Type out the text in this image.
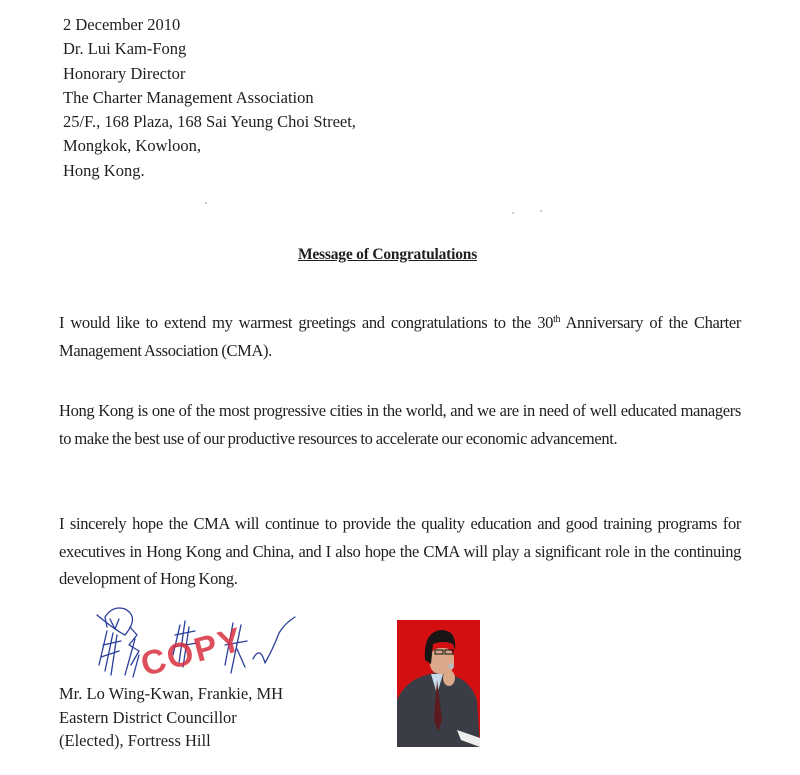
2 December 2010
Dr. Lui Kam-Fong
Honorary Director
The Charter Management Association
25/F., 168 Plaza, 168 Sai Yeung Choi Street,
Mongkok, Kowloon,
Hong Kong.
Message of Congratulations
I would like to extend my warmest greetings and congratulations to the 30th Anniversary of the Charter Management Association (CMA).
Hong Kong is one of the most progressive cities in the world, and we are in need of well educated managers to make the best use of our productive resources to accelerate our economic advancement.
I sincerely hope the CMA will continue to provide the quality education and good training programs for executives in Hong Kong and China, and I also hope the CMA will play a significant role in the continuing development of Hong Kong.
COPY
Mr. Lo Wing-Kwan, Frankie, MH
Eastern District Councillor
(Elected), Fortress Hill
